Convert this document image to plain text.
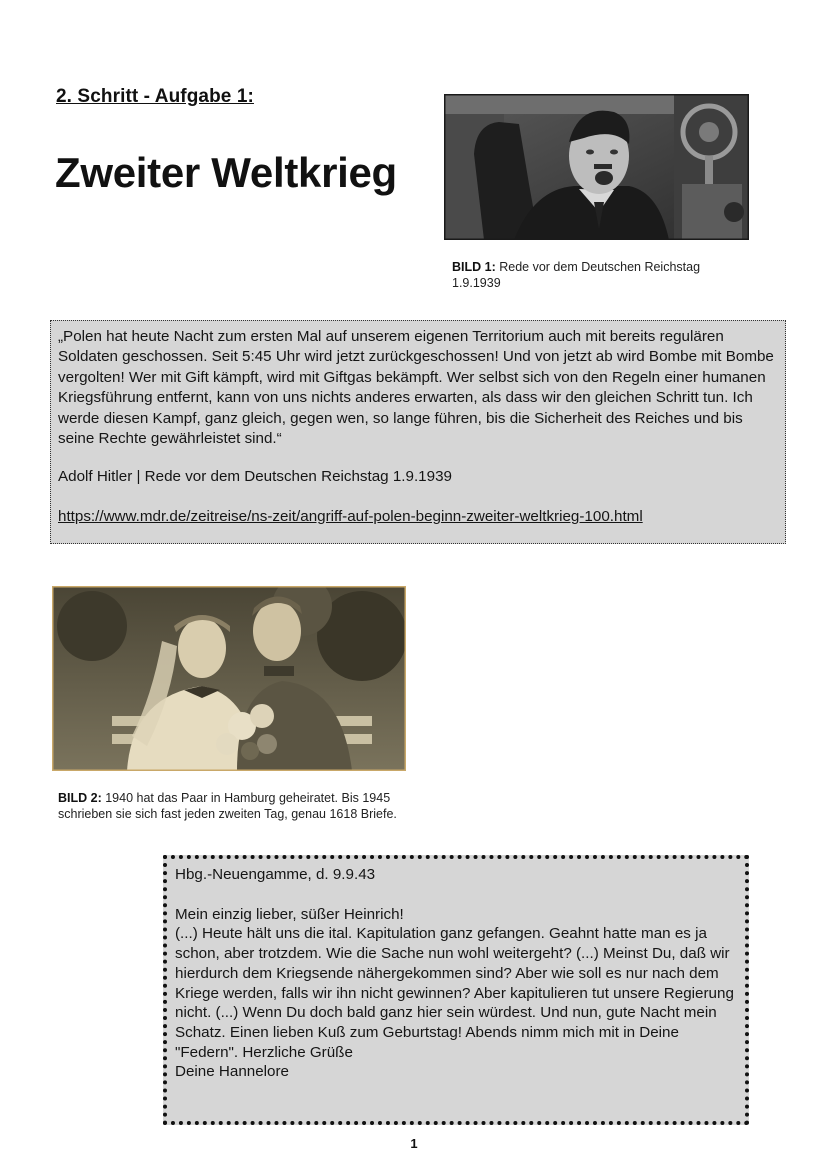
2. Schritt - Aufgabe 1:
Zweiter Weltkrieg
BILD 1: Rede vor dem Deutschen Reichstag 1.9.1939

„Polen hat heute Nacht zum ersten Mal auf unserem eigenen Territorium auch mit bereits regulären Soldaten geschossen. Seit 5:45 Uhr wird jetzt zurückgeschossen! Und von jetzt ab wird Bombe mit Bombe vergolten! Wer mit Gift kämpft, wird mit Giftgas bekämpft. Wer selbst sich von den Regeln einer humanen Kriegsführung entfernt, kann von uns nichts anderes erwarten, als dass wir den gleichen Schritt tun. Ich werde diesen Kampf, ganz gleich, gegen wen, so lange führen, bis die Sicherheit des Reiches und bis seine Rechte gewährleistet sind.“

Adolf Hitler | Rede vor dem Deutschen Reichstag 1.9.1939

https://www.mdr.de/zeitreise/ns-zeit/angriff-auf-polen-beginn-zweiter-weltkrieg-100.html
BILD 2: 1940 hat das Paar in Hamburg geheiratet. Bis 1945 schrieben sie sich fast jeden zweiten Tag, genau 1618 Briefe.

Hbg.-Neuengamme, d. 9.9.43

Mein einzig lieber, süßer Heinrich!
(...) Heute hält uns die ital. Kapitulation ganz gefangen. Geahnt hatte man es ja schon, aber trotzdem. Wie die Sache nun wohl weitergeht? (...) Meinst Du, daß wir hierdurch dem Kriegsende nähergekommen sind? Aber wie soll es nur nach dem Kriege werden, falls wir ihn nicht gewinnen? Aber kapitulieren tut unsere Regierung nicht. (...) Wenn Du doch bald ganz hier sein würdest. Und nun, gute Nacht mein Schatz. Einen lieben Kuß zum Geburtstag! Abends nimm mich mit in Deine "Federn". Herzliche Grüße
Deine Hannelore

1
